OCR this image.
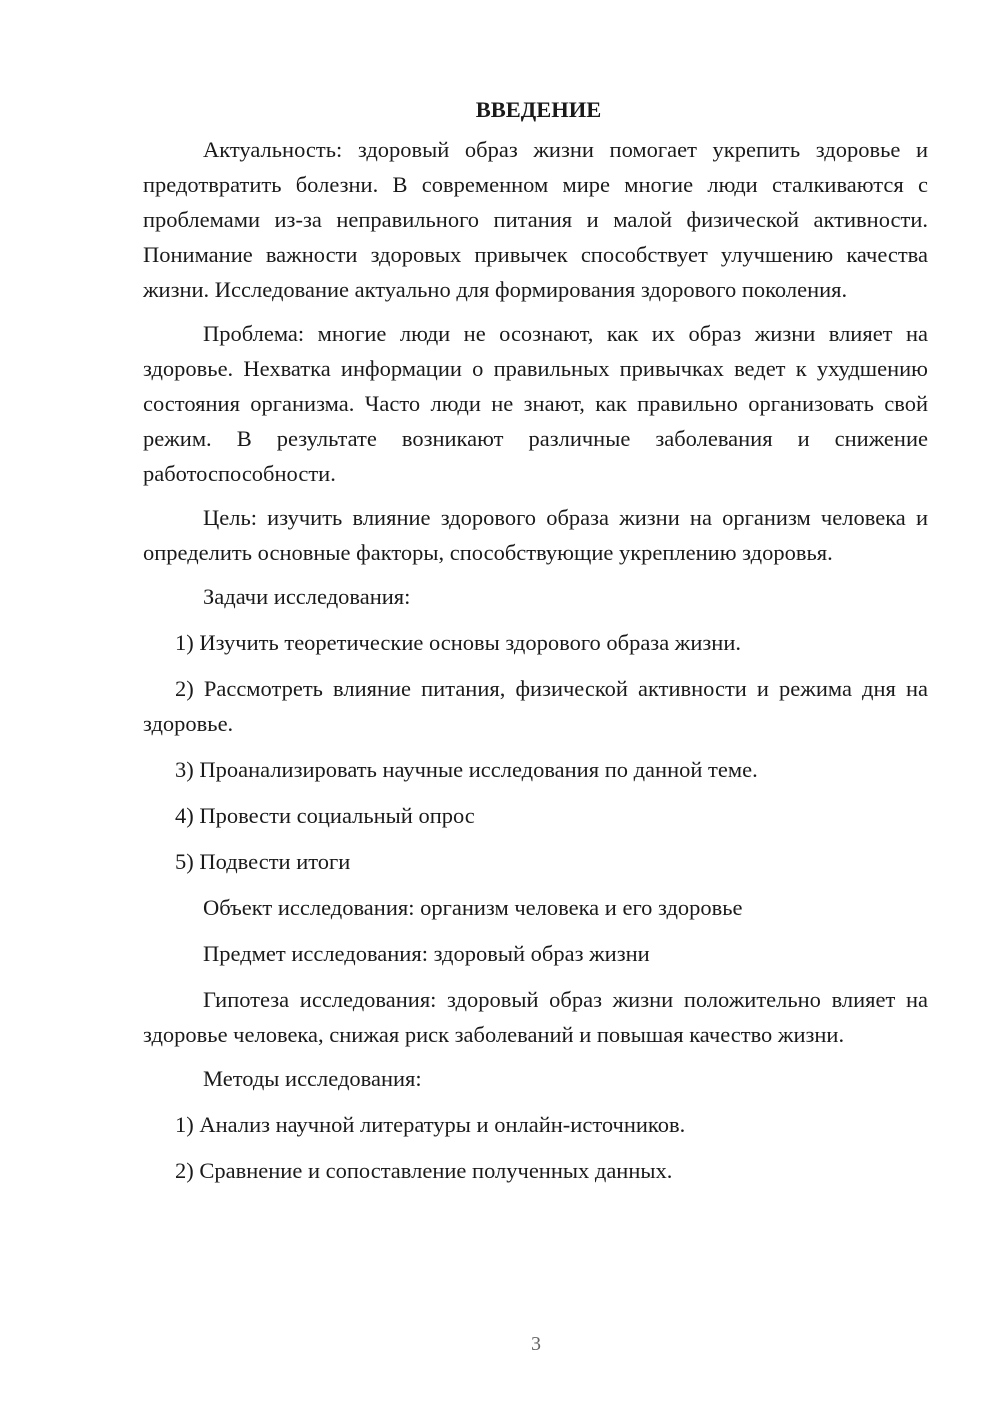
ВВЕДЕНИЕ

Актуальность: здоровый образ жизни помогает укрепить здоровье и предотвратить болезни. В современном мире многие люди сталкиваются с проблемами из-за неправильного питания и малой физической активности. Понимание важности здоровых привычек способствует улучшению качества жизни. Исследование актуально для формирования здорового поколения.

Проблема: многие люди не осознают, как их образ жизни влияет на здоровье. Нехватка информации о правильных привычках ведет к ухудшению состояния организма. Часто люди не знают, как правильно организовать свой режим. В результате возникают различные заболевания и снижение работоспособности.

Цель: изучить влияние здорового образа жизни на организм человека и определить основные факторы, способствующие укреплению здоровья.

Задачи исследования:

1) Изучить теоретические основы здорового образа жизни.

2) Рассмотреть влияние питания, физической активности и режима дня на здоровье.

3) Проанализировать научные исследования по данной теме.

4) Провести социальный опрос

5) Подвести итоги

Объект исследования: организм человека и его здоровье

Предмет исследования: здоровый образ жизни

Гипотеза исследования: здоровый образ жизни положительно влияет на здоровье человека, снижая риск заболеваний и повышая качество жизни.

Методы исследования:

1) Анализ научной литературы и онлайн-источников.

2) Сравнение и сопоставление полученных данных.

3
